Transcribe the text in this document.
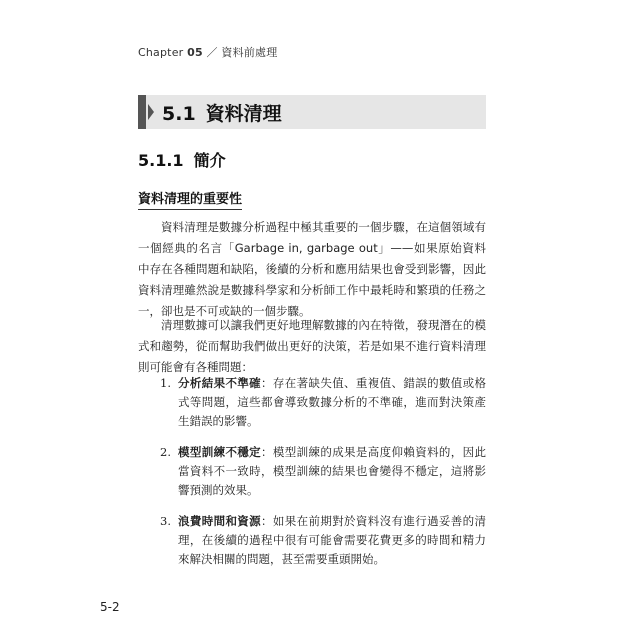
Chapter 05 ／ 資料前處理
5.1 資料清理
5.1.1 簡介
資料清理的重要性

資料清理是數據分析過程中極其重要的一個步驟，在這個領域有一個經典的名言「Garbage in, garbage out」——如果原始資料中存在各種問題和缺陷，後續的分析和應用結果也會受到影響，因此資料清理雖然說是數據科學家和分析師工作中最耗時和繁瑣的任務之一，卻也是不可或缺的一個步驟。

清理數據可以讓我們更好地理解數據的內在特徵，發現潛在的模式和趨勢，從而幫助我們做出更好的決策，若是如果不進行資料清理則可能會有各種問題：

1. 分析結果不準確：存在著缺失值、重複值、錯誤的數值或格式等問題，這些都會導致數據分析的不準確，進而對決策產生錯誤的影響。
2. 模型訓練不穩定：模型訓練的成果是高度仰賴資料的，因此當資料不一致時，模型訓練的結果也會變得不穩定，這將影響預測的效果。
3. 浪費時間和資源：如果在前期對於資料沒有進行過妥善的清理，在後續的過程中很有可能會需要花費更多的時間和精力來解決相關的問題，甚至需要重頭開始。
5-2
